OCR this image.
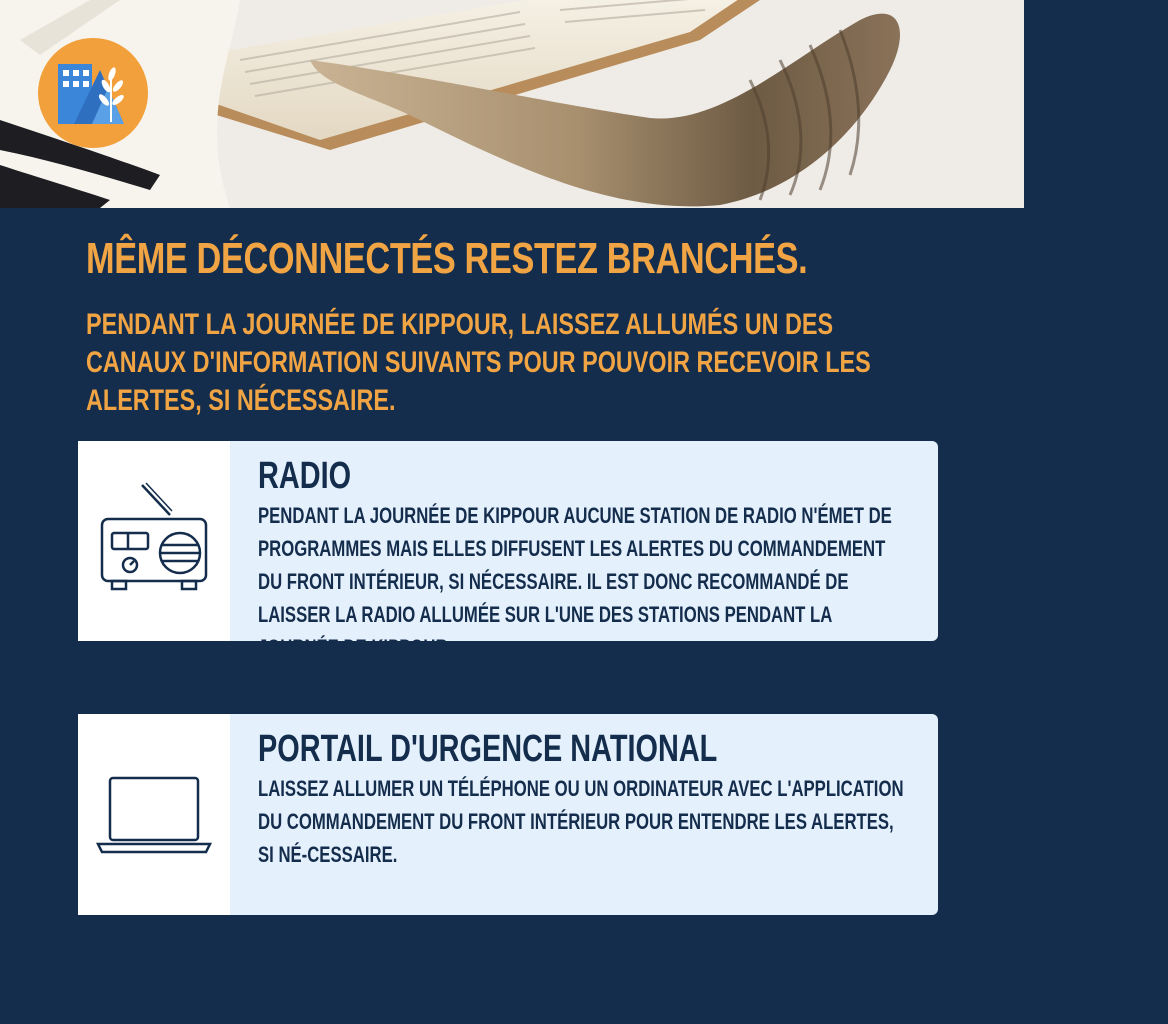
MÊME DÉCONNECTÉS RESTEZ BRANCHÉS.
PENDANT LA JOURNÉE DE KIPPOUR, LAISSEZ ALLUMÉS UN DES CANAUX D'INFORMATION SUIVANTS POUR POUVOIR RECEVOIR LES ALERTES, SI NÉCESSAIRE.
RADIO
PENDANT LA JOURNÉE DE KIPPOUR AUCUNE STATION DE RADIO N'ÉMET DE PROGRAMMES MAIS ELLES DIFFUSENT LES ALERTES DU COMMANDEMENT DU FRONT INTÉRIEUR, SI NÉCESSAIRE. IL EST DONC RECOMMANDÉ DE LAISSER LA RADIO ALLUMÉE SUR L'UNE DES STATIONS PENDANT LA JOURNÉE DE KIPPOUR.
PORTAIL D'URGENCE NATIONAL
LAISSEZ ALLUMER UN TÉLÉPHONE OU UN ORDINATEUR AVEC L'APPLICATION DU COMMANDEMENT DU FRONT INTÉRIEUR POUR ENTENDRE LES ALERTES, SI NÉ-CESSAIRE.
